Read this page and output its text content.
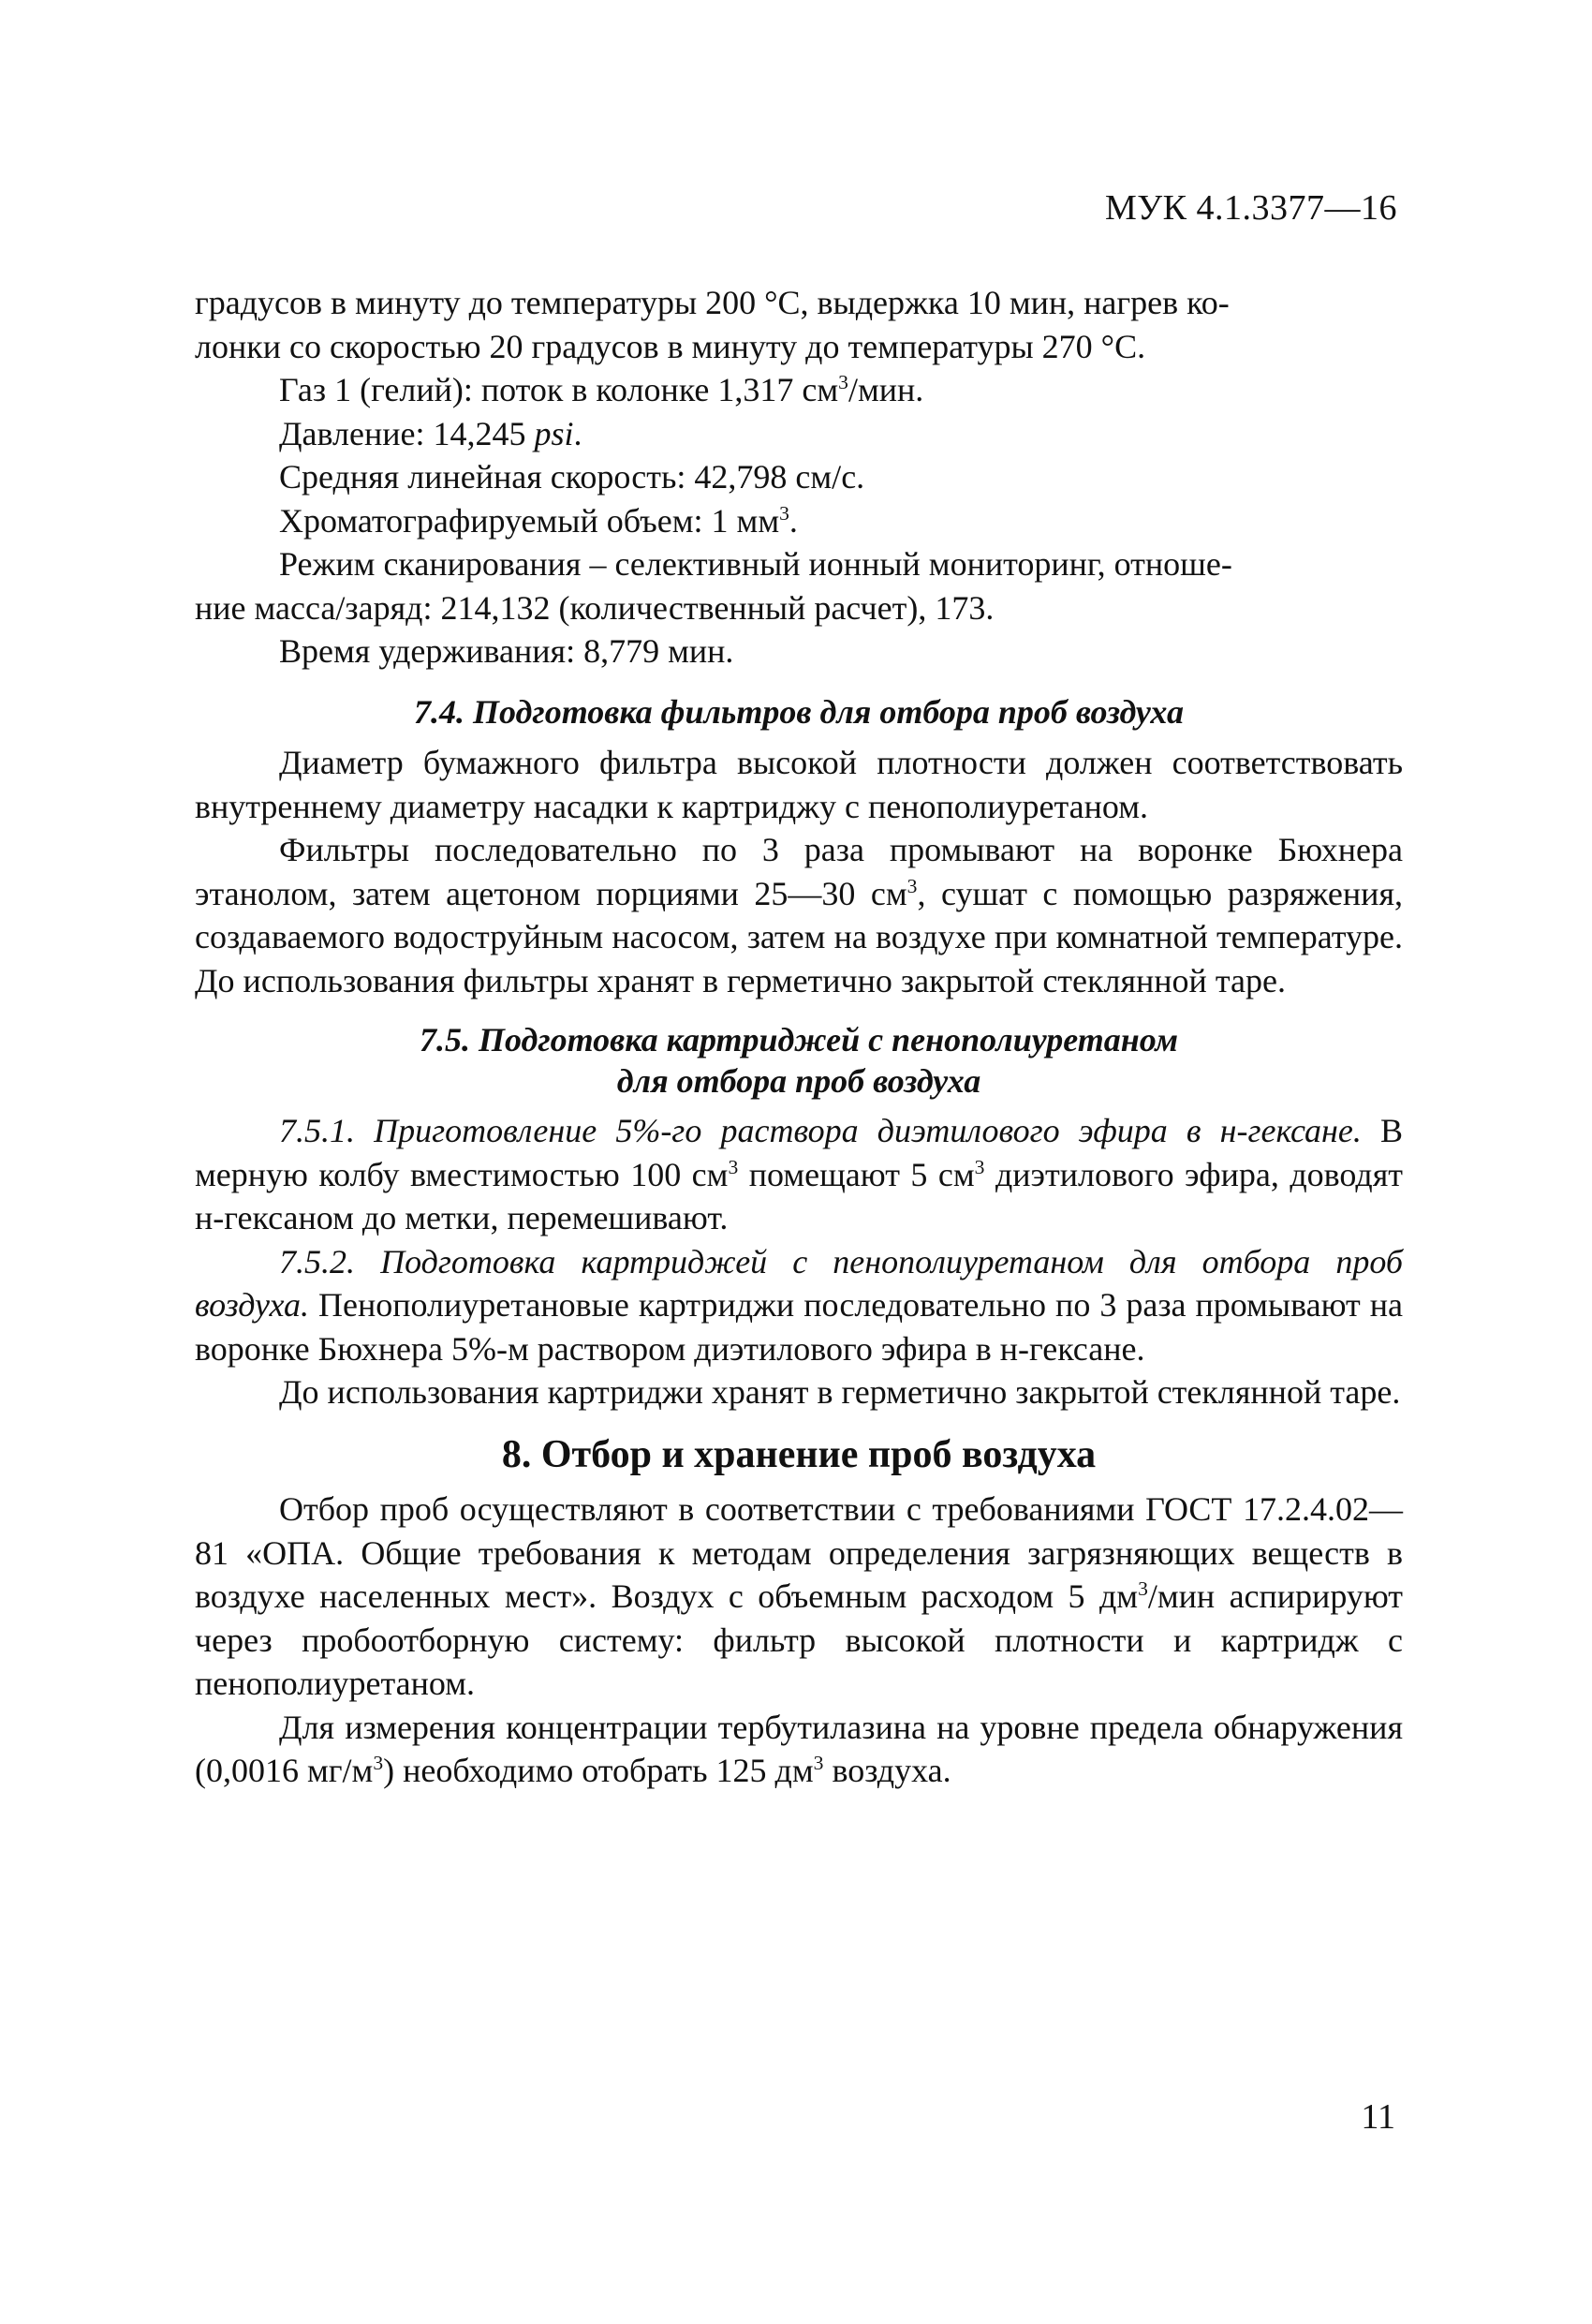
МУК 4.1.3377—16

градусов в минуту до температуры 200 °С, выдержка 10 мин, нагрев ко-
лонки со скоростью 20 градусов в минуту до температуры 270 °С.

Газ 1 (гелий): поток в колонке 1,317 $см^3$/мин.

Давление: 14,245 psi.

Средняя линейная скорость: 42,798 см/с.

Хроматографируемый объем: 1 $мм^3$.

Режим сканирования – селективный ионный мониторинг, отноше-
ние масса/заряд: 214,132 (количественный расчет), 173.

Время удерживания: 8,779 мин.

7.4. Подготовка фильтров для отбора проб воздуха

Диаметр бумажного фильтра высокой плотности должен соответствовать внутреннему диаметру насадки к картриджу с пенополиуретаном.

Фильтры последовательно по 3 раза промывают на воронке Бюхнера этанолом, затем ацетоном порциями 25—30 $см^3$, сушат с помощью разряжения, создаваемого водоструйным насосом, затем на воздухе при комнатной температуре. До использования фильтры хранят в герметично закрытой стеклянной таре.

7.5. Подготовка картриджей с пенополиуретаном
для отбора проб воздуха

7.5.1. Приготовление 5%-го раствора диэтилового эфира в н-гексане. В мерную колбу вместимостью 100 $см^3$ помещают 5 $см^3$ диэтилового эфира, доводят н-гексаном до метки, перемешивают.

7.5.2. Подготовка картриджей с пенополиуретаном для отбора проб воздуха. Пенополиуретановые картриджи последовательно по 3 раза промывают на воронке Бюхнера 5%-м раствором диэтилового эфира в н-гексане.

До использования картриджи хранят в герметично закрытой стеклянной таре.

8. Отбор и хранение проб воздуха

Отбор проб осуществляют в соответствии с требованиями ГОСТ 17.2.4.02—81 «ОПА. Общие требования к методам определения загрязняющих веществ в воздухе населенных мест». Воздух с объемным расходом 5 $дм^3$/мин аспирируют через пробоотборную систему: фильтр высокой плотности и картридж с пенополиуретаном.

Для измерения концентрации тербутилазина на уровне предела обнаружения (0,0016 $мг/м^3$) необходимо отобрать 125 $дм^3$ воздуха.

11
